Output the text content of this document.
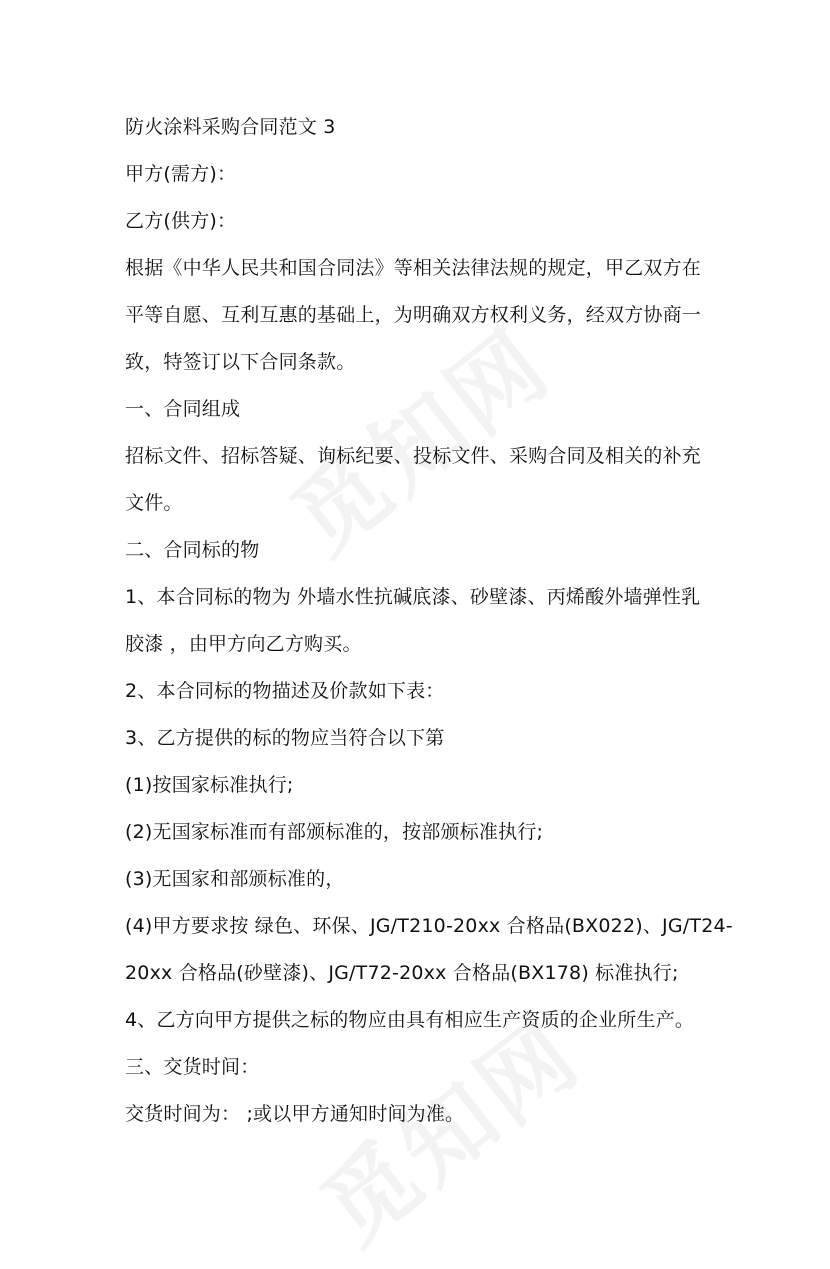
防火涂料采购合同范文 3
甲方(需方)：
乙方(供方)：
根据《中华人民共和国合同法》等相关法律法规的规定，甲乙双方在
平等自愿、互利互惠的基础上，为明确双方权利义务，经双方协商一
致，特签订以下合同条款。
一、合同组成
招标文件、招标答疑、询标纪要、投标文件、采购合同及相关的补充
文件。
二、合同标的物
1、本合同标的物为 外墙水性抗碱底漆、砂壁漆、丙烯酸外墙弹性乳
胶漆 ，由甲方向乙方购买。
2、本合同标的物描述及价款如下表：
3、乙方提供的标的物应当符合以下第
(1)按国家标准执行;
(2)无国家标准而有部颁标准的，按部颁标准执行;
(3)无国家和部颁标准的，
(4)甲方要求按 绿色、环保、JG/T210-20xx 合格品(BX022)、JG/T24-
20xx 合格品(砂壁漆)、JG/T72-20xx 合格品(BX178) 标准执行;
4、乙方向甲方提供之标的物应由具有相应生产资质的企业所生产。
三、交货时间：
交货时间为： ;或以甲方通知时间为准。
